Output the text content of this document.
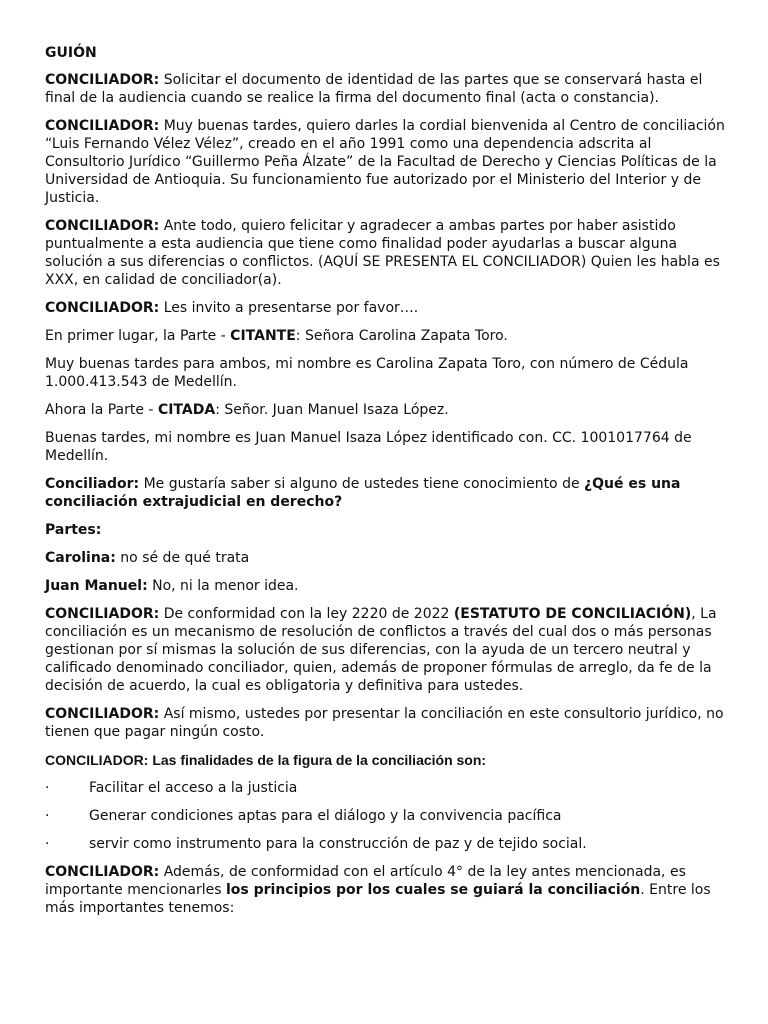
GUIÓN

CONCILIADOR: Solicitar el documento de identidad de las partes que se conservará hasta el final de la audiencia cuando se realice la firma del documento final (acta o constancia).

CONCILIADOR: Muy buenas tardes, quiero darles la cordial bienvenida al Centro de conciliación “Luis Fernando Vélez Vélez”, creado en el año 1991 como una dependencia adscrita al Consultorio Jurídico “Guillermo Peña Álzate” de la Facultad de Derecho y Ciencias Políticas de la Universidad de Antioquia. Su funcionamiento fue autorizado por el Ministerio del Interior y de Justicia.

CONCILIADOR: Ante todo, quiero felicitar y agradecer a ambas partes por haber asistido puntualmente a esta audiencia que tiene como finalidad poder ayudarlas a buscar alguna solución a sus diferencias o conflictos. (AQUÍ SE PRESENTA EL CONCILIADOR) Quien les habla es XXX, en calidad de conciliador(a).

CONCILIADOR: Les invito a presentarse por favor….

En primer lugar, la Parte - CITANTE: Señora Carolina Zapata Toro.

Muy buenas tardes para ambos, mi nombre es Carolina Zapata Toro, con número de Cédula 1.000.413.543 de Medellín.

Ahora la Parte - CITADA: Señor. Juan Manuel Isaza López.

Buenas tardes, mi nombre es Juan Manuel Isaza López identificado con. CC. 1001017764 de Medellín.

Conciliador: Me gustaría saber si alguno de ustedes tiene conocimiento de ¿Qué es una conciliación extrajudicial en derecho?

Partes:

Carolina: no sé de qué trata

Juan Manuel: No, ni la menor idea.

CONCILIADOR: De conformidad con la ley 2220 de 2022 (ESTATUTO DE CONCILIACIÓN), La conciliación es un mecanismo de resolución de conflictos a través del cual dos o más personas gestionan por sí mismas la solución de sus diferencias, con la ayuda de un tercero neutral y calificado denominado conciliador, quien, además de proponer fórmulas de arreglo, da fe de la decisión de acuerdo, la cual es obligatoria y definitiva para ustedes.

CONCILIADOR: Así mismo, ustedes por presentar la conciliación en este consultorio jurídico, no tienen que pagar ningún costo.

CONCILIADOR: Las finalidades de la figura de la conciliación son:

·	Facilitar el acceso a la justicia
·	Generar condiciones aptas para el diálogo y la convivencia pacífica
·	servir como instrumento para la construcción de paz y de tejido social.

CONCILIADOR: Además, de conformidad con el artículo 4° de la ley antes mencionada, es importante mencionarles los principios por los cuales se guiará la conciliación. Entre los más importantes tenemos:
